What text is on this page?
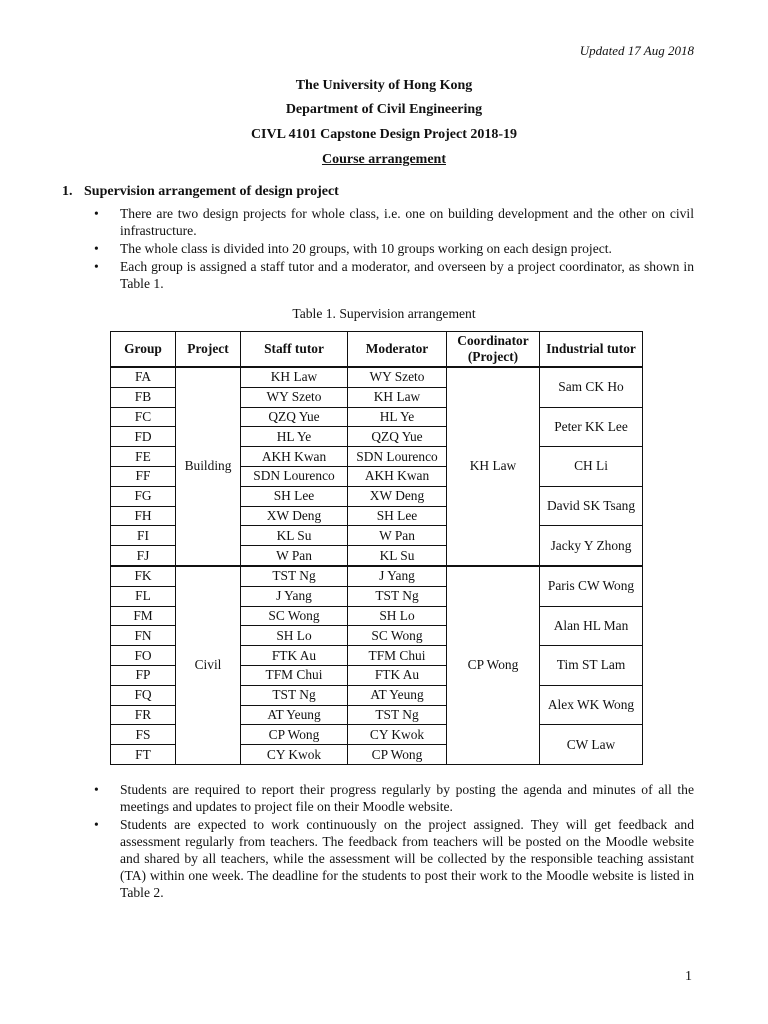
Updated 17 Aug 2018
The University of Hong Kong
Department of Civil Engineering
CIVL 4101 Capstone Design Project 2018-19
Course arrangement
1. Supervision arrangement of design project
• There are two design projects for whole class, i.e. one on building development and the other on civil infrastructure.
• The whole class is divided into 20 groups, with 10 groups working on each design project.
• Each group is assigned a staff tutor and a moderator, and overseen by a project coordinator, as shown in Table 1.
Table 1. Supervision arrangement
Group	Project	Staff tutor	Moderator	Coordinator (Project)	Industrial tutor
FA	Building	KH Law	WY Szeto	KH Law	Sam CK Ho
FB		WY Szeto	KH Law		
FC		QZQ Yue	HL Ye		Peter KK Lee
FD		HL Ye	QZQ Yue		
FE		AKH Kwan	SDN Lourenco		CH Li
FF		SDN Lourenco	AKH Kwan		
FG		SH Lee	XW Deng		David SK Tsang
FH		XW Deng	SH Lee		
FI		KL Su	W Pan		Jacky Y Zhong
FJ		W Pan	KL Su		
FK	Civil	TST Ng	J Yang	CP Wong	Paris CW Wong
FL		J Yang	TST Ng		
FM		SC Wong	SH Lo		Alan HL Man
FN		SH Lo	SC Wong		
FO		FTK Au	TFM Chui		Tim ST Lam
FP		TFM Chui	FTK Au		
FQ		TST Ng	AT Yeung		Alex WK Wong
FR		AT Yeung	TST Ng		
FS		CP Wong	CY Kwok		CW Law
FT		CY Kwok	CP Wong		
• Students are required to report their progress regularly by posting the agenda and minutes of all the meetings and updates to project file on their Moodle website.
• Students are expected to work continuously on the project assigned. They will get feedback and assessment regularly from teachers. The feedback from teachers will be posted on the Moodle website and shared by all teachers, while the assessment will be collected by the responsible teaching assistant (TA) within one week. The deadline for the students to post their work to the Moodle website is listed in Table 2.
1
